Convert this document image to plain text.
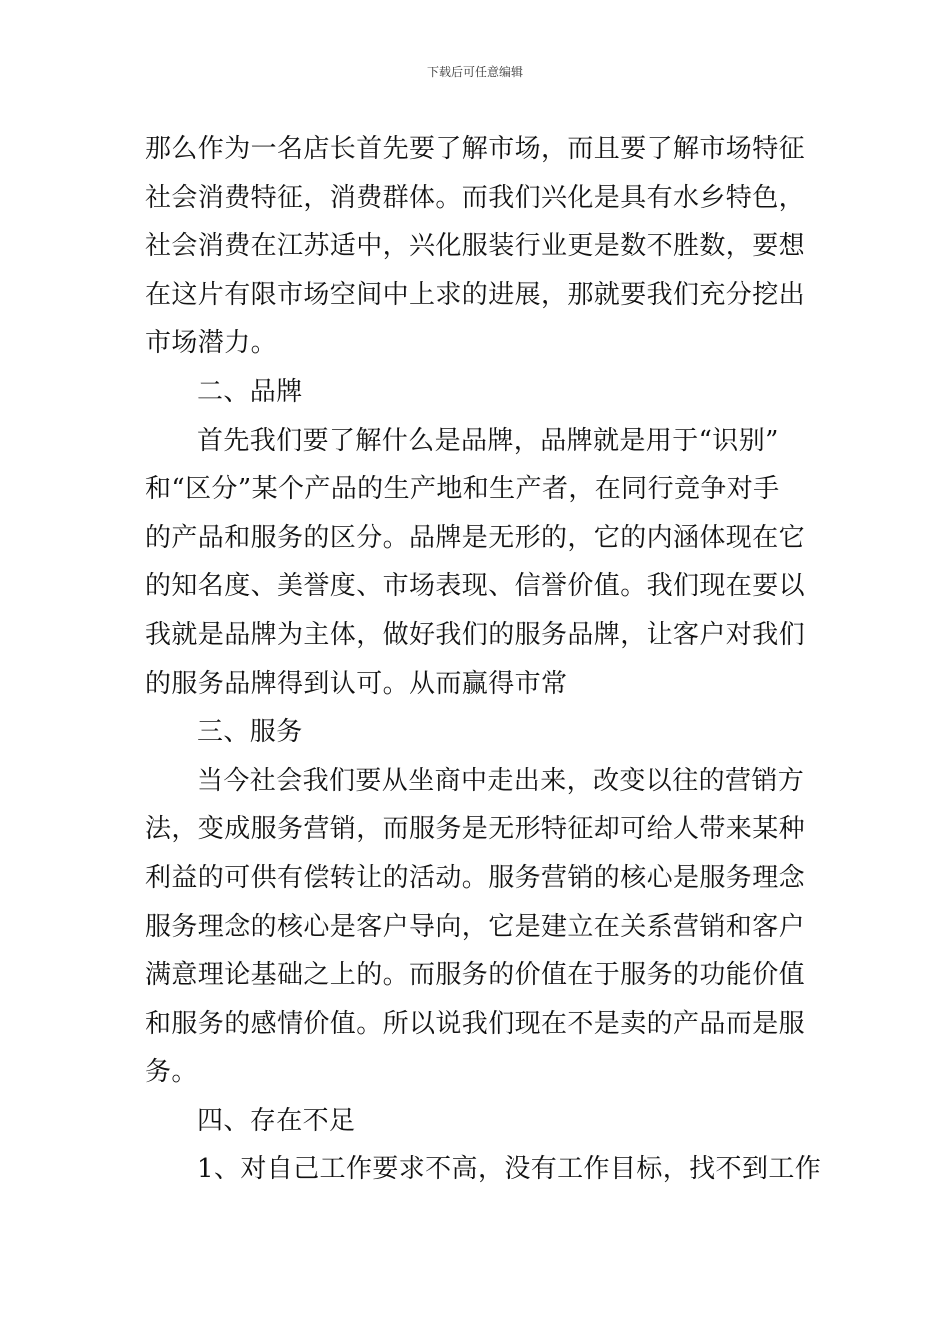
下载后可任意编辑
那么作为一名店长首先要了解市场，而且要了解市场特征
社会消费特征，消费群体。而我们兴化是具有水乡特色，
社会消费在江苏适中，兴化服装行业更是数不胜数，要想
在这片有限市场空间中上求的进展，那就要我们充分挖出
市场潜力。
二、品牌
首先我们要了解什么是品牌，品牌就是用于“识别”
和“区分”某个产品的生产地和生产者，在同行竞争对手
的产品和服务的区分。品牌是无形的，它的内涵体现在它
的知名度、美誉度、市场表现、信誉价值。我们现在要以
我就是品牌为主体，做好我们的服务品牌，让客户对我们
的服务品牌得到认可。从而赢得市常
三、服务
当今社会我们要从坐商中走出来，改变以往的营销方
法，变成服务营销，而服务是无形特征却可给人带来某种
利益的可供有偿转让的活动。服务营销的核心是服务理念
服务理念的核心是客户导向，它是建立在关系营销和客户
满意理论基础之上的。而服务的价值在于服务的功能价值
和服务的感情价值。所以说我们现在不是卖的产品而是服
务。
四、存在不足
1、对自己工作要求不高，没有工作目标，找不到工作
